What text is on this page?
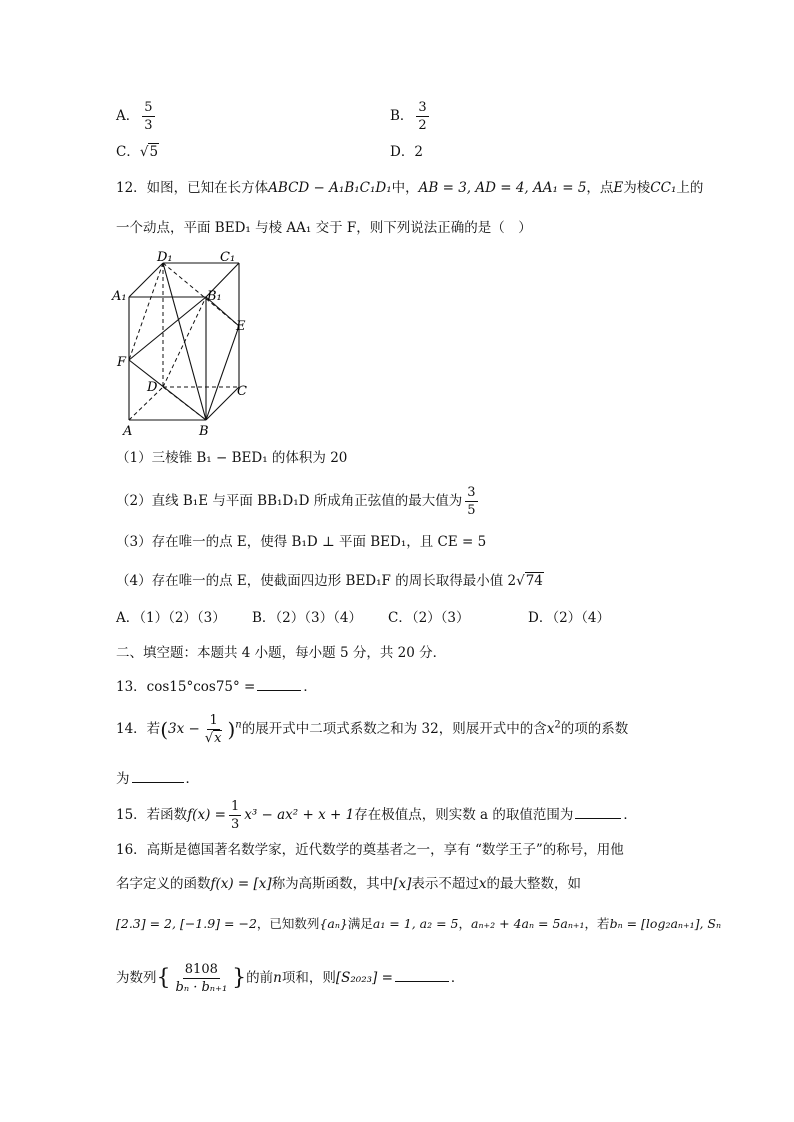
A． $\frac{5}{3}$	B． $\frac{3}{2}$
C．√5	D．2
12．如图，已知在长方体ABCD − A₁B₁C₁D₁中，AB = 3, AD = 4, AA₁ = 5，点E为棱CC₁上的
一个动点，平面 BED₁ 与棱 AA₁ 交于 F，则下列说法正确的是（　）
D₁	C₁
A₁	B₁
E
F
D	C
A	B
（1）三棱锥 B₁ − BED₁ 的体积为 20
（2）直线 B₁E 与平面 BB₁D₁D 所成角正弦值的最大值为 $\frac{3}{5}$
（3）存在唯一的点 E，使得 B₁D ⊥ 平面 BED₁，且 CE = 5
（4）存在唯一的点 E，使截面四边形 BED₁F 的周长取得最小值 2√74
A．（1）（2）（3） B．（2）（3）（4） C．（2）（3）	D．（2）（4）
二、填空题：本题共 4 小题，每小题 5 分，共 20 分．
13．cos15°cos75° =	．
14．若$(3x - \frac{1}{√x} )^n$的展开式中二项式系数之和为 32，则展开式中的含$x^2$的项的系数
为	．
15．若函数$f(x) = \frac{1}{3} x^3 - ax^2 + x + 1$存在极值点，则实数 a 的取值范围为	．
16．高斯是德国著名数学家，近代数学的奠基者之一，享有 “数学王子”的称号，用他
名字定义的函数f(x) = [x]称为高斯函数，其中[x]表示不超过x的最大整数，如
[2.3] = 2, [−1.9] = −2，已知数列{aₙ}满足a₁ = 1, a₂ = 5，aₙ₊₂ + 4aₙ = 5aₙ₊₁，若bₙ = [log₂aₙ₊₁], Sₙ
为数列{ $\frac{8108}{\text{bₙ · bₙ₊₁}}$ }的前n项和，则[S₂₀₂₃] =	．
